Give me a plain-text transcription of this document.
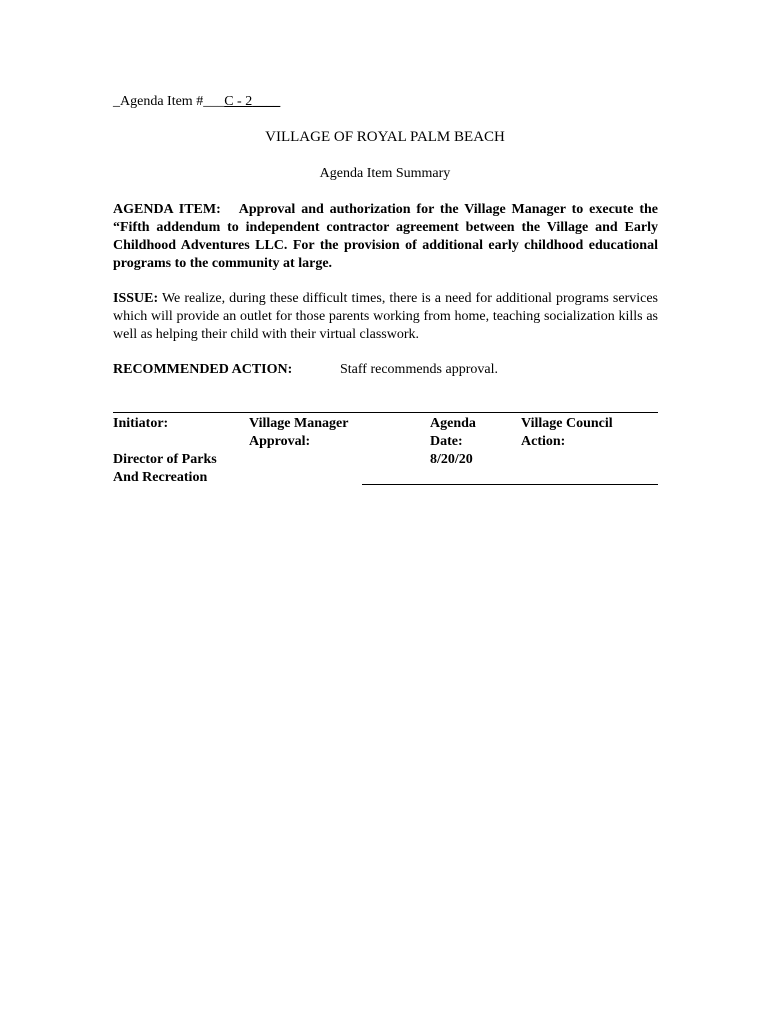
_Agenda Item #___C - 2____
VILLAGE OF ROYAL PALM BEACH
Agenda Item Summary
AGENDA ITEM: Approval and authorization for the Village Manager to execute the “Fifth addendum to independent contractor agreement between the Village and Early Childhood Adventures LLC. For the provision of additional early childhood educational programs to the community at large.
ISSUE: We realize, during these difficult times, there is a need for additional programs services which will provide an outlet for those parents working from home, teaching socialization kills as well as helping their child with their virtual classwork.
RECOMMENDED ACTION:	Staff recommends approval.
Initiator:
Director of Parks
And Recreation
Village Manager
Approval:
Agenda
Date:
8/20/20
Village Council
Action:
